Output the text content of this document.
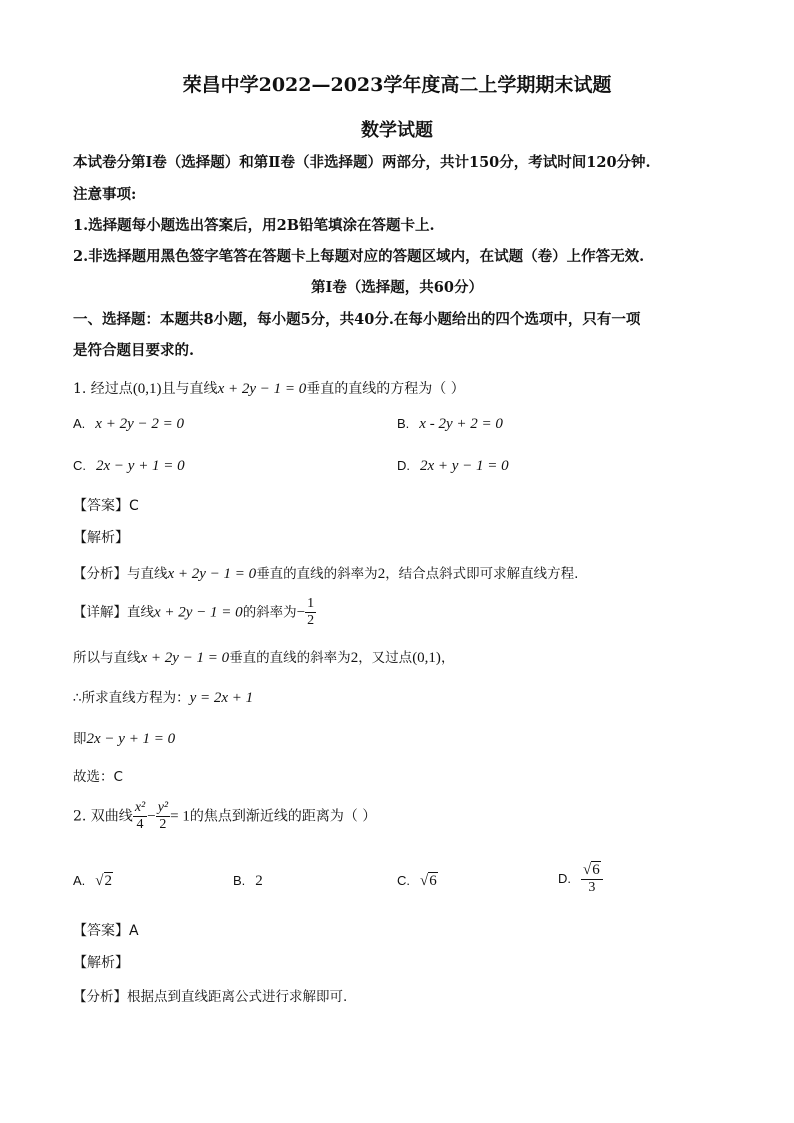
荣昌中学2022—2023学年度高二上学期期末试题
数学试题
本试卷分第Ⅰ卷（选择题）和第Ⅱ卷（非选择题）两部分，共计150分，考试时间120分钟.
注意事项:
1.选择题每小题选出答案后，用2B铅笔填涂在答题卡上.
2.非选择题用黑色签字笔答在答题卡上每题对应的答题区域内，在试题（卷）上作答无效.
第Ⅰ卷（选择题，共60分）
一、选择题：本题共8小题，每小题5分，共40分.在每小题给出的四个选项中，只有一项
是符合题目要求的.
1. 经过点(0,1)且与直线x + 2y − 1 = 0垂直的直线的方程为（ ）
A. x + 2y − 2 = 0	B. x - 2y + 2 = 0
C. 2x − y + 1 = 0	D. 2x + y − 1 = 0
【答案】C
【解析】
【分析】与直线x + 2y − 1 = 0垂直的直线的斜率为2，结合点斜式即可求解直线方程.
【详解】直线x + 2y − 1 = 0的斜率为− $\frac{1}{2}$
所以与直线x + 2y − 1 = 0垂直的直线的斜率为2，又过点(0,1)，
∴所求直线方程为：y = 2x + 1
即2x − y + 1 = 0
故选：C
2. 双曲线 $\frac{\text{x²}}{4} - \frac{\text{y²}}{2} = 1$的焦点到渐近线的距离为（ ）
A. √2	B. 2	C. √6	D. $\frac{√6}{3}$
【答案】A
【解析】
【分析】根据点到直线距离公式进行求解即可.
